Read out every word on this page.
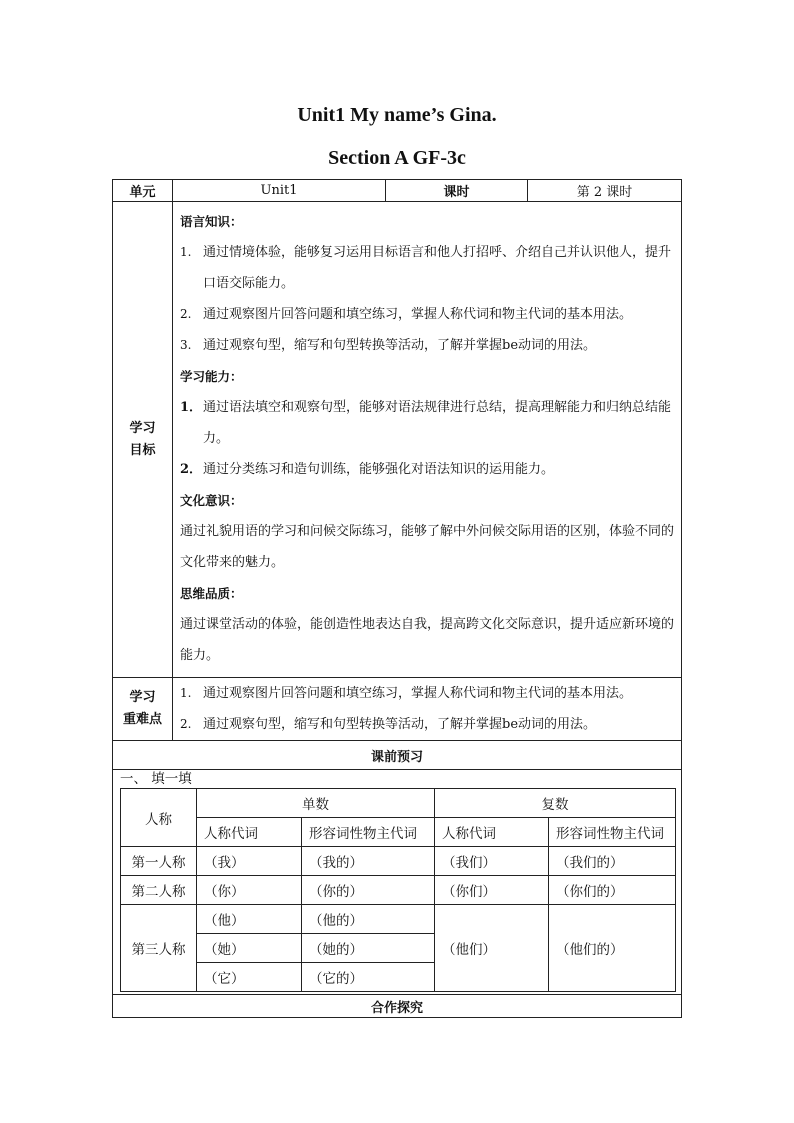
Unit1 My name’s Gina.
Section A GF-3c
单元	Unit1	课时	第 2 课时

学习
目标

语言知识：
1. 通过情境体验，能够复习运用目标语言和他人打招呼、介绍自己并认识他人，提升口语交际能力。
2. 通过观察图片回答问题和填空练习，掌握人称代词和物主代词的基本用法。
3. 通过观察句型，缩写和句型转换等活动，了解并掌握be动词的用法。
学习能力：
1． 通过语法填空和观察句型，能够对语法规律进行总结，提高理解能力和归纳总结能力。
2． 通过分类练习和造句训练，能够强化对语法知识的运用能力。
文化意识：
通过礼貌用语的学习和问候交际练习，能够了解中外问候交际用语的区别，体验不同的文化带来的魅力。
思维品质：
通过课堂活动的体验，能创造性地表达自我，提高跨文化交际意识，提升适应新环境的能力。

学习
重难点

1. 通过观察图片回答问题和填空练习，掌握人称代词和物主代词的基本用法。
2. 通过观察句型，缩写和句型转换等活动，了解并掌握be动词的用法。

课前预习

一、 填一填
人称	单数	复数
人称代词	形容词性物主代词	人称代词	形容词性物主代词
第一人称	（我）	（我的）	（我们）	（我们的）
第二人称	（你）	（你的）	（你们）	（你们的）
第三人称	（他）	（他的）	（他们）	（他们的）
（她）	（她的）
（它）	（它的）

合作探究
